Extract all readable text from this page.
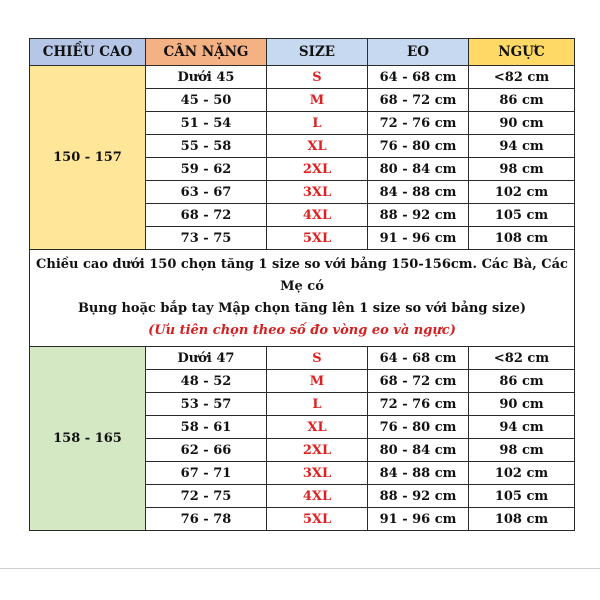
CHIỀU CAO	CÂN NẶNG	SIZE	EO	NGỰC
150 - 157	Dưới 45	S	64 - 68 cm	<82 cm
	45 - 50	M	68 - 72 cm	86 cm
	51 - 54	L	72 - 76 cm	90 cm
	55 - 58	XL	76 - 80 cm	94 cm
	59 - 62	2XL	80 - 84 cm	98 cm
	63 - 67	3XL	84 - 88 cm	102 cm
	68 - 72	4XL	88 - 92 cm	105 cm
	73 - 75	5XL	91 - 96 cm	108 cm

Chiều cao dưới 150 chọn tăng 1 size so với bảng 150-156cm. Các Bà, Các Mẹ có
Bụng hoặc bắp tay Mập chọn tăng lên 1 size so với bảng size)
(Ưu tiên chọn theo số đo vòng eo và ngực)				

158 - 165	Dưới 47	S	64 - 68 cm	<82 cm
	48 - 52	M	68 - 72 cm	86 cm
	53 - 57	L	72 - 76 cm	90 cm
	58 - 61	XL	76 - 80 cm	94 cm
	62 - 66	2XL	80 - 84 cm	98 cm
	67 - 71	3XL	84 - 88 cm	102 cm
	72 - 75	4XL	88 - 92 cm	105 cm
	76 - 78	5XL	91 - 96 cm	108 cm
